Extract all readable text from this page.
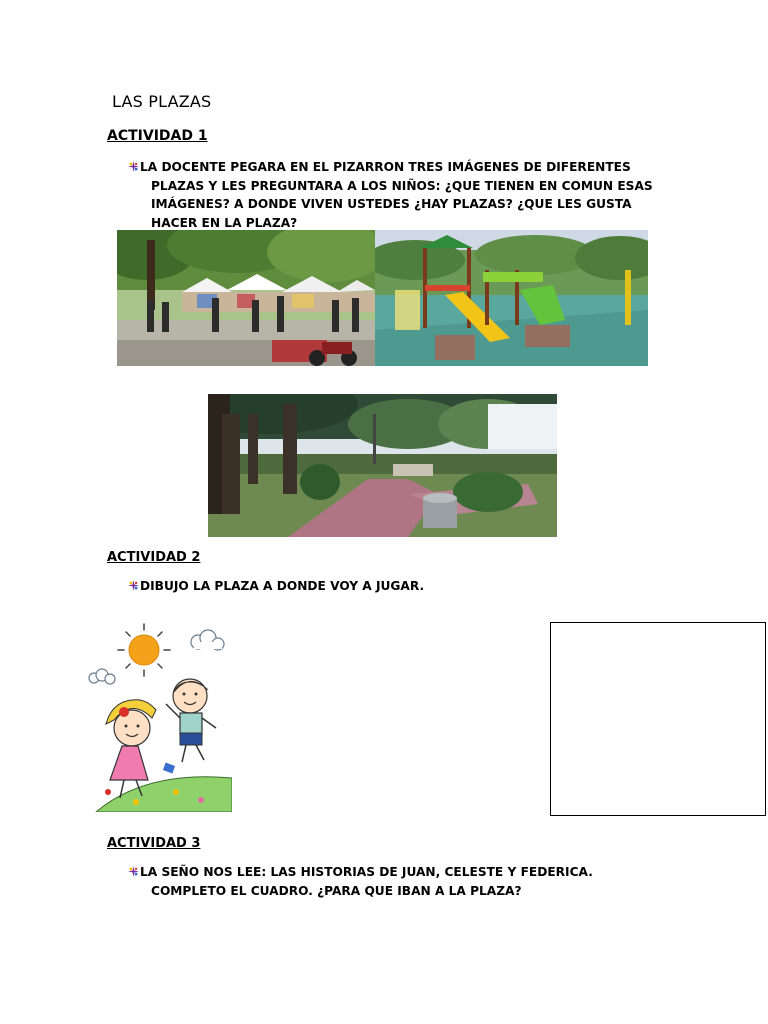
LAS PLAZAS
ACTIVIDAD 1
LA DOCENTE PEGARA EN EL PIZARRON TRES IMÁGENES DE DIFERENTES
PLAZAS Y LES PREGUNTARA A LOS NIÑOS: ¿QUE TIENEN EN COMUN ESAS
IMÁGENES? A DONDE VIVEN USTEDES ¿HAY PLAZAS? ¿QUE LES GUSTA
HACER EN LA PLAZA?
ACTIVIDAD 2
DIBUJO LA PLAZA A DONDE VOY A JUGAR.
ACTIVIDAD 3
LA SEÑO NOS LEE: LAS HISTORIAS DE JUAN, CELESTE Y FEDERICA.
COMPLETO EL CUADRO. ¿PARA QUE IBAN A LA PLAZA?
